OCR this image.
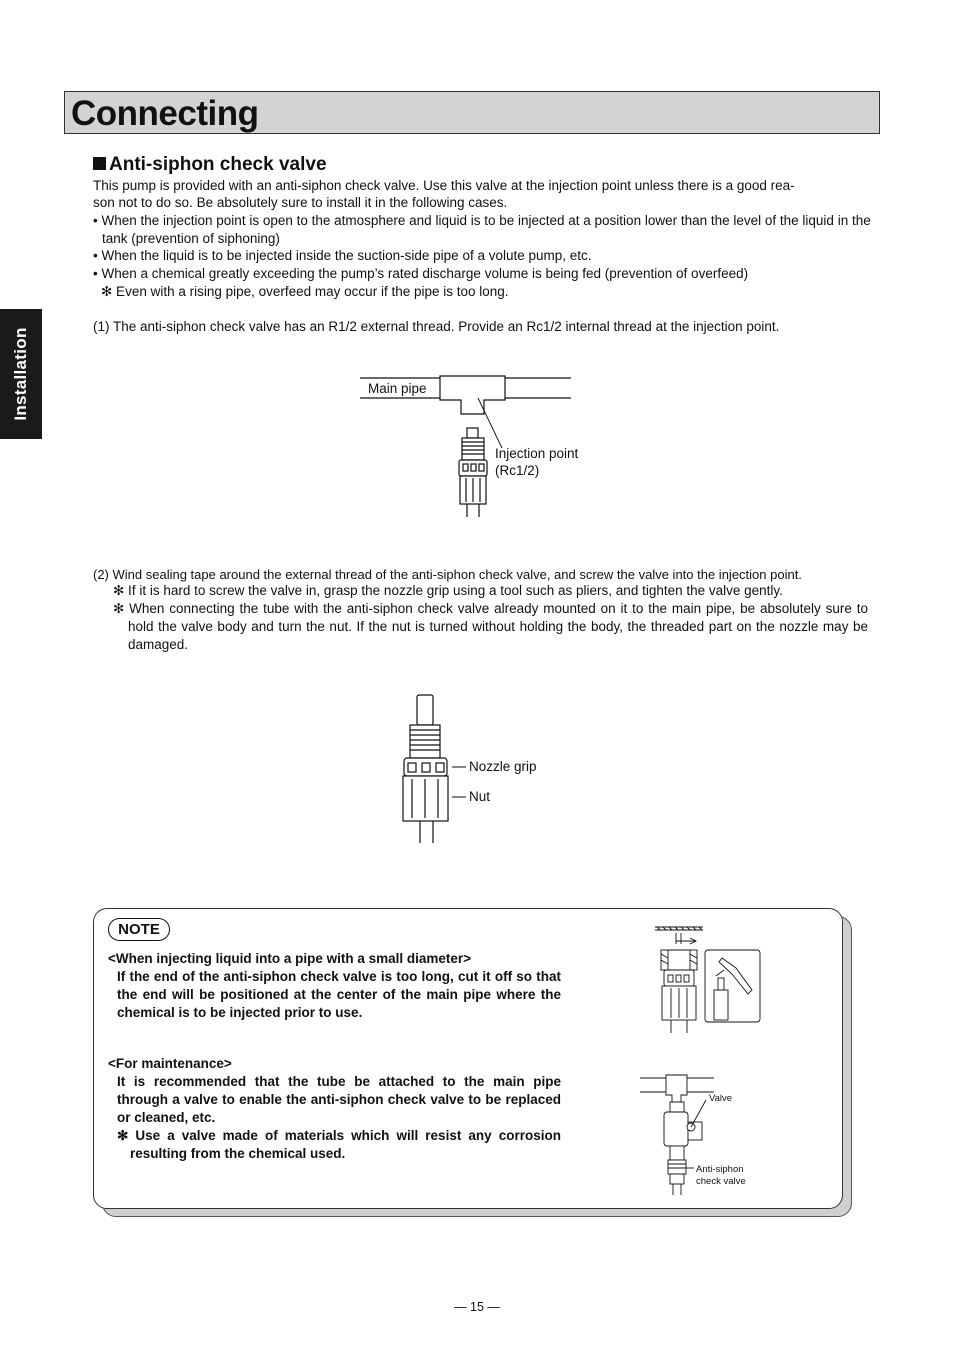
Connecting
Installation
Anti-siphon check valve
This pump is provided with an anti-siphon check valve. Use this valve at the injection point unless there is a good rea-
son not to do so. Be absolutely sure to install it in the following cases.
• When the injection point is open to the atmosphere and liquid is to be injected at a position lower than the level of the liquid in the tank (prevention of siphoning)
• When the liquid is to be injected inside the suction-side pipe of a volute pump, etc.
• When a chemical greatly exceeding the pump’s rated discharge volume is being fed (prevention of overfeed)
✻ Even with a rising pipe, overfeed may occur if the pipe is too long.
(1) The anti-siphon check valve has an R1/2 external thread. Provide an Rc1/2 internal thread at the injection point.
Main pipe
Injection point
(Rc1/2)
(2) Wind sealing tape around the external thread of the anti-siphon check valve, and screw the valve into the injection point.
✻ If it is hard to screw the valve in, grasp the nozzle grip using a tool such as pliers, and tighten the valve gently.
✻ When connecting the tube with the anti-siphon check valve already mounted on it to the main pipe, be absolutely sure to hold the valve body and turn the nut. If the nut is turned without holding the body, the threaded part on the nozzle may be damaged.
Nozzle grip
Nut
NOTE
<When injecting liquid into a pipe with a small diameter>
If the end of the anti-siphon check valve is too long, cut it off so that the end will be positioned at the center of the main pipe where the chemical is to be injected prior to use.
<For maintenance>
It is recommended that the tube be attached to the main pipe through a valve to enable the anti-siphon check valve to be replaced or cleaned, etc.
✻ Use a valve made of materials which will resist any corrosion resulting from the chemical used.
Valve
Anti-siphon
check valve
— 15 —
